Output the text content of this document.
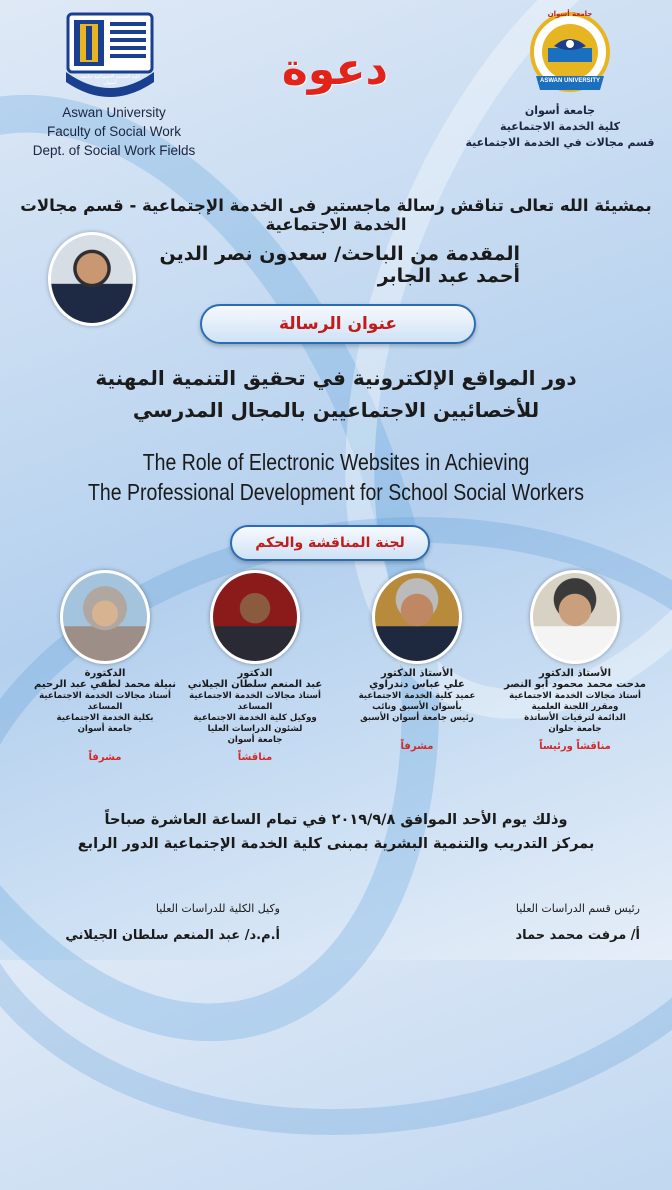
كلية الخدمة الاجتماعية جامعة أسوان
Aswan University
Faculty of Social Work
Dept. of Social Work Fields
جامعة أسوان
ASWAN UNIVERSITY
جامعة أسوان
كلية الخدمة الاجتماعية
قسم مجالات في الخدمة الاجتماعية
دعوة
بمشيئة الله تعالى تناقش رسالة ماجستير فى الخدمة الإجتماعية - قسم مجالات الخدمة الاجتماعية
المقدمة من الباحث/ سعدون نصر الدين أحمد عبد الجابر
عنوان الرسالة
دور المواقع الإلكترونية في تحقيق التنمية المهنية
للأخصائيين الاجتماعيين بالمجال المدرسي
The Role of Electronic Websites in Achieving
The Professional Development for School Social Workers
لجنة المناقشة والحكم
الأستاذ الدكتور
مدحت محمد محمود أبو النصر
أستاذ مجالات الخدمة الاجتماعية
ومقرر اللجنة العلمية
الدائمة لترقيات الأساتذة
جامعة حلوان
مناقشاً ورئيساً
الأستاذ الدكتور
علي عباس دندراوي
عميد كلية الخدمة الاجتماعية
بأسوان الأسبق ونائب
رئيس جامعة أسوان الأسبق
مشرفاً
الدكتور
عبد المنعم سلطان الجيلاني
أستاذ مجالات الخدمة الاجتماعية المساعد
ووكيل كلية الخدمة الاجتماعية
لشئون الدراسات العليا
جامعة أسوان
مناقشاً
الدكتورة
نبيلة محمد لطفي عبد الرحيم
أستاذ مجالات الخدمة الاجتماعية المساعد
بكلية الخدمة الاجتماعية
جامعة أسوان
مشرفاً
وذلك يوم الأحد الموافق ٢٠١٩/٩/٨ في تمام الساعة العاشرة صباحاً
بمركز التدريب والتنمية البشرية بمبنى كلية الخدمة الإجتماعية الدور الرابع
رئيس قسم الدراسات العليا
أ/ مرفت محمد حماد
وكيل الكلية للدراسات العليا
أ.م.د/ عبد المنعم سلطان الجيلاني
